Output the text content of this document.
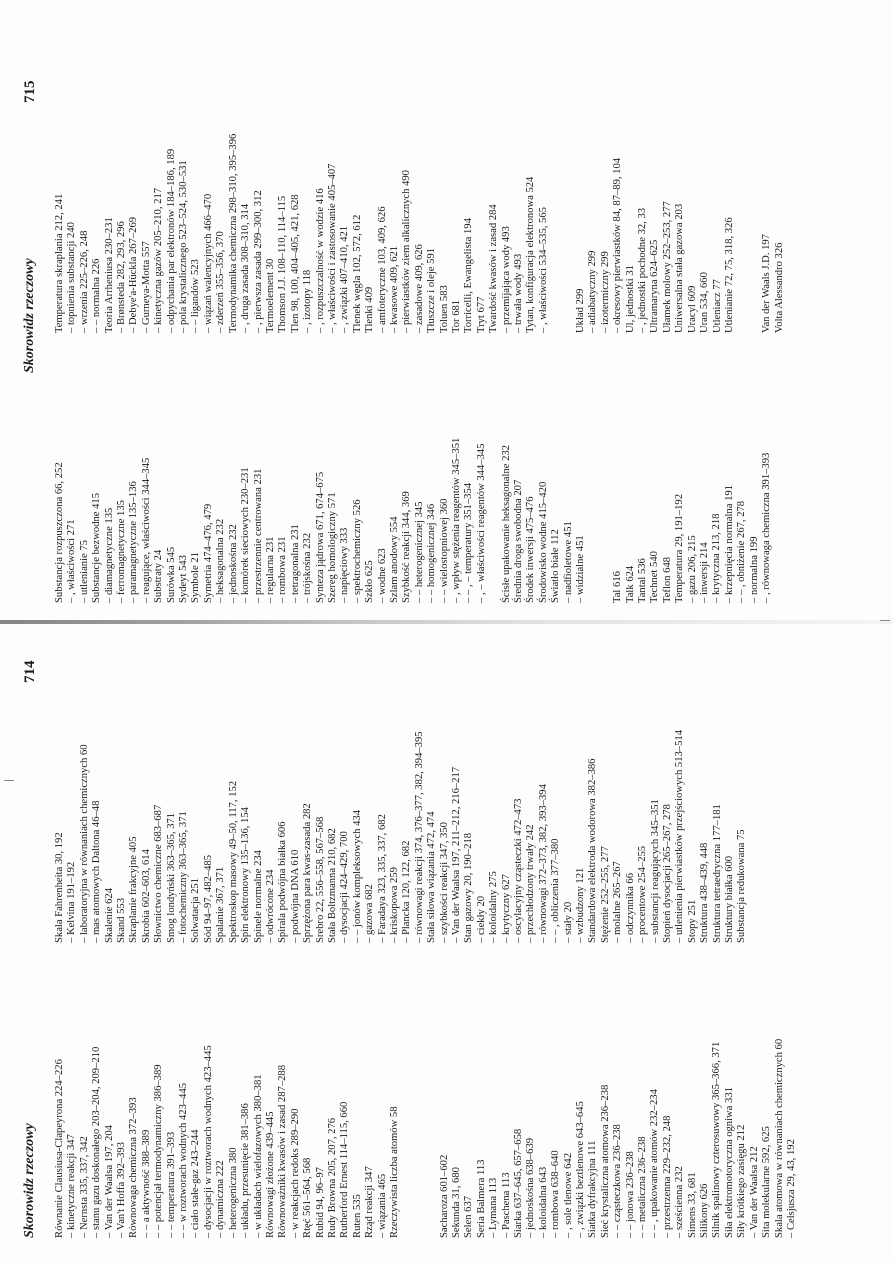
Skorowidz rzeczowy
715
Substancja rozpuszczona 66, 252 – , właściwości 271 – utlenianie 75 Substancje bezwodne 415 – diamagnetyczne 135 – ferromagnetyczne 135 – paramagnetyczne 135–136 – reagujące, właściwości 344–345 Substraty 24 Surówka 545 Sydeyt 543 Symbole 21 Symetria 474–476, 479 – heksagonalna 232 – jednoskośna 232 – komórek sieciowych 230–231 – przestrzennie centrowana 231 – regularna 231 – rombowa 231 – tetragonalna 231 – trójskośna 232 Synteza jądrowa 671, 674–675 Szereg homologiczny 571 – napięciowy 333 – spektrochemiczny 526 Szkło 625 – wodne 623 Szlam anodowy 554 Szybkość reakcji 344, 369 – – heterogenicznej 345 – – homogenicznej 346 – – wielostopniowej 360 – , wpływ stężenia reagentów 345–351 – – , – temperatury 351–354 – , – właściwości reagentów 344–345 Ścisłe upakowanie heksagonalne 232 Średnia droga swobodna 207 Środek inwersji 475–476 Środowisko wodne 415–420 Światło białe 112 – nadfioletowe 451 – widzialne 451 Tal 616 Talk 624 Tantal 536 Technet 540 Teflon 648 Temperatura 29, 191–192 – gazu 206, 215 – inwersji 214 – krytyczna 213, 218 – krzepnięcia normalna 191 – – , obniżenie 267, 278 – normalna 199 – , równowaga chemiczna 391–393
Temperatura skraplania 212, 241 – topnienia substancji 240 – wrzenia 225–226, 248 – – normalna 226 Teoria Arrheniusa 230–231 – Brønsteda 282, 293, 296 – Debye'a-Hückla 267–269 – Gurneya-Motta 557 – kinetyczna gazów 205–210, 217 – odpychania par elektronów 184–186, 189 – pola krystalicznego 523–524, 530–531 – – ligandów 523 – wiązań walencyjnych 466–470 – zderzeń 355–356, 370 Termodynamika chemiczna 298–310, 395–396 – , druga zasada 308–310, 314 – , pierwsza zasada 299–300, 312 Termoelement 30 Thomson J.J. 108–110, 114–115 Tlen 98, 100, 404–405, 421, 628 – , izotopy 118 – , rozpuszczalność w wodzie 416 – , właściwości i zastosowanie 405–407 – , związki 407–410, 421 Tlenek węgla 102, 572, 612 Tlenki 409 – amfoteryczne 103, 409, 626 – kwasowe 409, 621 – pierwiastków ziem alkalicznych 490 – zasadowe 409, 626 Tłuszcze i oleje 591 Toluen 583 Tor 681 Torricelli, Ewangelista 194 Tryt 677 Twardość kwasów i zasad 284 – przemijająca wody 493 – trwała wody 493 Tytan, konfiguracja elektronowa 524 – , właściwości 534–535, 565 Układ 299 – adiabatyczny 299 – izotermiczny 299 – okresowy pierwiastków 84, 87–89, 104 Ul, jednostki 31 – , jednostki pochodne 32, 33 Ultramaryna 624–625 Ułamek molowy 252–253, 277 Uniwersalna stała gazowa 203 Uracyl 609 Uran 534, 660 Utleniacz 77 Utlenianie 72, 75, 318, 326 Van der Waals J.D. 197 Volta Alessandro 326
Skorowidz rzeczowy
714
Równanie Clausiusa-Clapeyrona 224–226 – kinetyczne reakcji 347 – Nernsta 335, 337, 342 – stanu gazu doskonałego 203–204, 209–210 – Van der Waalsa 197, 204 – Van't Hoffa 392–393 Równowaga chemiczna 372–393 – – a aktywność 388–389 – – potencjał termodynamiczny 386–389 – – temperatura 391–393 – – w roztworach wodnych 423–445 – ciało stałe-gaz 243–244 – dysocjacji w roztworach wodnych 423–445 – dynamiczna 222 – heterogeniczna 380 – układu, przesunięcie 381–386 – w układach wielofazowych 380–381 Równowagi złożone 439–445 Równoważniki kwasów i zasad 287–288 – w reakcjach redoks 289–290 Rtęć 561–564, 568 Rubid 94, 96–97 Rudy Browna 205, 207, 276 Rutherford Ernest 114–115, 660 Ruten 535 Rząd reakcji 347 – wiązania 465 Rzeczywista liczba atomów 58	Sacharoza 601–602 Sekunda 31, 680 Selen 637 Seria Balmera 113 – Lymana 113 – Paschena 113 Siarka 637–645, 657–658 – jednoskośna 638–639 – koloidalna 643 – rombowa 638–640 – , sole tlenowe 642 – , związki beztlenowe 643–645 Siatka dyfrakcyjna 111 Sieć krystaliczna atomowa 236–238 – – cząsteczkowa 236–238 – – jonowa 236–238 – – metaliczna 236–238 – – , upakowanie atomów 232–234 – przestrzenna 229–232, 248 – sześcienna 232 Simens 33, 681 Silikony 626 Silnik spalinowy czterosuwowy 365–366, 371 Siła elektromotoryczna ogniwa 331 Siły krótkiego zasięgu 212 – Van der Waalsa 212 Sita molekularne 592, 625 Skala atomowa w równaniach chemicznych 60 – Celsjusza 29, 43, 192
Skala Fahrenheita 30, 192 – Kelvina 191–192 – laboratoryjna w równaniach chemicznych 60 – mas atomowych Daltona 46–48 Skalenie 624 Skand 553 Skraplanie frakcyjne 405 Skrobia 602–603, 614 Słownictwo chemiczne 683–687 Smog londyński 363–365, 371 – fotochemiczny 363–365, 371 Solwatacja 251 Sód 94–97, 482–485 Spalanie 367, 371 Spektroskop masowy 49–50, 117, 152 Spin elektronowy 135–136, 154 Spinele normalne 234 – odwrócone 234 Spirala podwójna białka 606 – podwójna DNA 610 Sprzężona para kwas-zasada 282 Srebro 22, 556–558, 567–568 Stała Boltzmanna 210, 682 – dysocjacji 424–429, 700 – – jonów kompleksowych 434 – gazowa 682 – Faradaya 323, 335, 337, 682 – kriskopowa 259 – Plancka 120, 122, 682 – równowagi reakcji 374, 376–377, 382, 394–395 Stała siłowa wiązania 472, 474 – szybkości reakcji 347, 350 – Van der Waalsa 197, 211–212, 216–217 Stan gazowy 20, 190–218 – ciekły 20 – koloidalny 275 – krytyczny 627 – oscylacyjny cząsteczki 472–473 – przechłodzony trwały 242 – równowagi 372–373, 382, 393–394 – – , obliczenia 377–380 – stały 20 – wzbudzony 121 Standardowa elektroda wodorowa 382–386 Stężenie 252–255, 277 – molalne 265–267 – odczynnika 66 – procentowe 254–255 – substancji reagujących 345–351 Stopień dysocjacji 265–267, 278 – utlenienia pierwiastków przejściowych 513–514 Stopy 251 Struktura 438–439, 448 Struktura tetraedryczna 177–181 Struktury białka 600 Substancja redukowana 75
